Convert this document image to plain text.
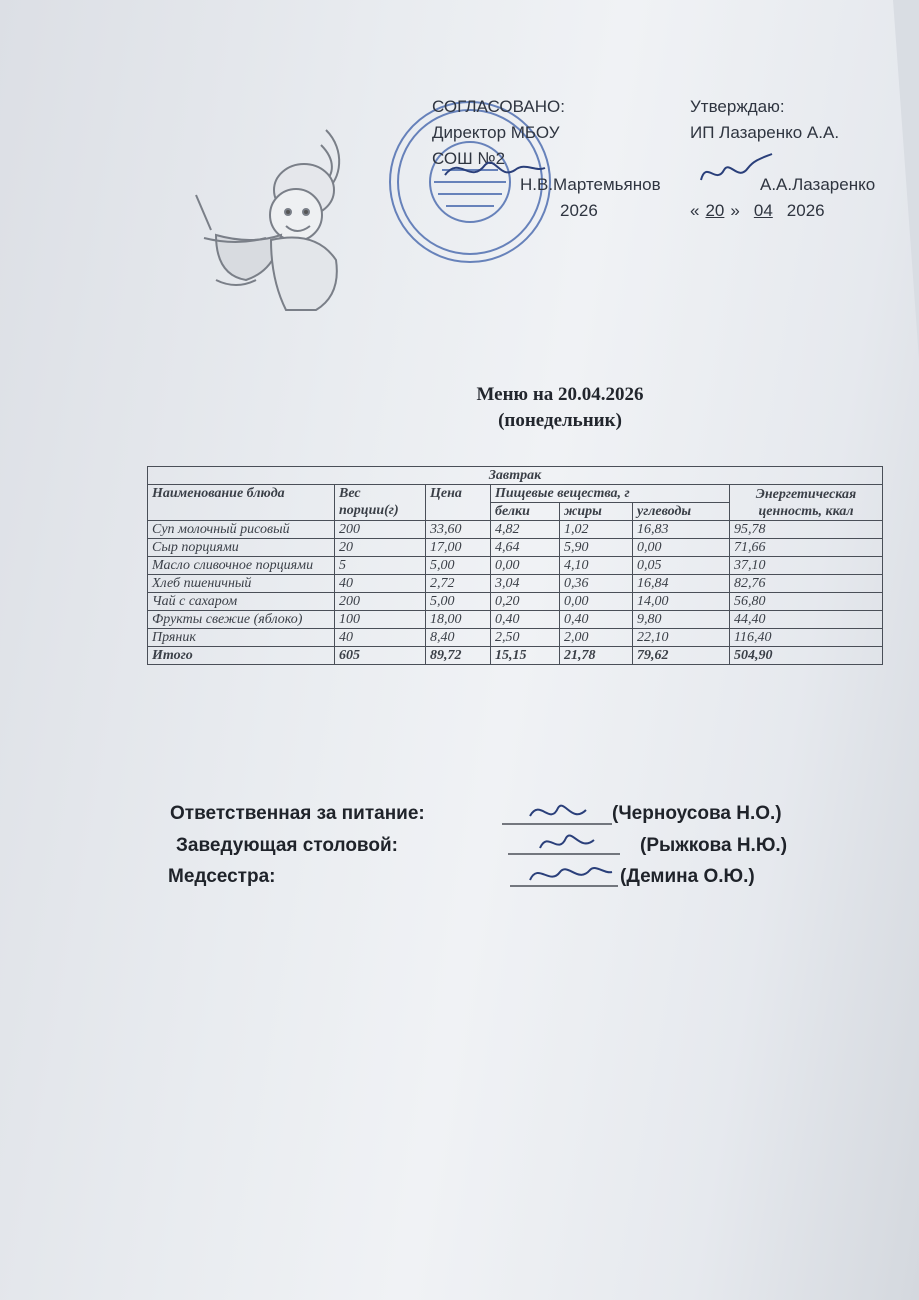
СОГЛАСОВАНО:
Директор МБОУ
СОШ №2
Н.В.Мартемьянов
2026
Утверждаю:
ИП Лазаренко А.А.
А.А.Лазаренко
« 20 » 04 2026
Меню на 20.04.2026
(понедельник)
Завтрак						
Наименование блюда	Вес порции(г)	Цена	Пищевые вещества, г			Энергетическая ценность, ккал
			белки	жиры	углеводы	
Суп молочный рисовый	200	33,60	4,82	1,02	16,83	95,78
Сыр порциями	20	17,00	4,64	5,90	0,00	71,66
Масло сливочное порциями	5	5,00	0,00	4,10	0,05	37,10
Хлеб пшеничный	40	2,72	3,04	0,36	16,84	82,76
Чай с сахаром	200	5,00	0,20	0,00	14,00	56,80
Фрукты свежие (яблоко)	100	18,00	0,40	0,40	9,80	44,40
Пряник	40	8,40	2,50	2,00	22,10	116,40
Итого	605	89,72	15,15	21,78	79,62	504,90
Ответственная за питание:	(Черноусова Н.О.)
Заведующая столовой:	(Рыжкова Н.Ю.)
Медсестра:	(Демина О.Ю.)
